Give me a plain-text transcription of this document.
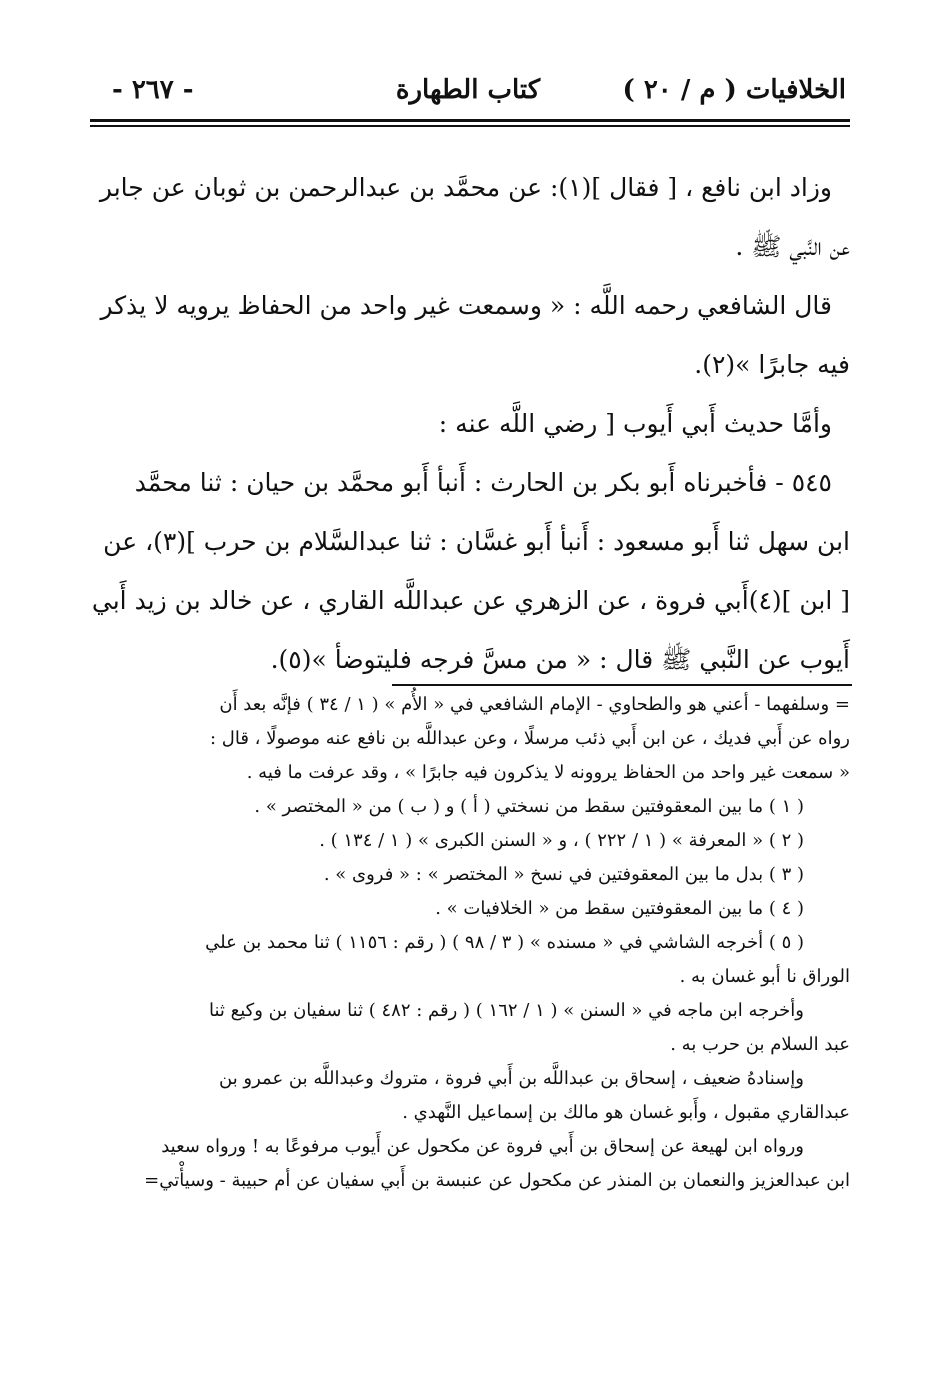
الخلافيات ( م / ٢٠ )
كتاب الطهارة
- ٢٦٧ -

وزاد ابن نافع ، [ فقال ](١): عن محمَّد بن عبدالرحمن بن ثوبان عن جابر

عن النَّبي ﷺ .

قال الشافعي رحمه اللَّه : « وسمعت غير واحد من الحفاظ يرويه لا يذكر

فيه جابرًا »(٢).

وأمَّا حديث أَبي أَيوب [ رضي اللَّه عنه :

٥٤٥ - فأخبرناه أَبو بكر بن الحارث : أَنبأ أَبو محمَّد بن حيان : ثنا محمَّد

ابن سهل ثنا أَبو مسعود : أَنبأ أَبو غسَّان : ثنا عبدالسَّلام بن حرب ](٣)، عن

[ ابن ](٤)أَبي فروة ، عن الزهري عن عبداللَّه القاري ، عن خالد بن زيد أَبي

أَيوب عن النَّبي ﷺ قال : « من مسَّ فرجه فليتوضأ »(٥).

= وسلفهما - أعني هو والطحاوي - الإمام الشافعي في « الأُم » ( ١ / ٣٤ ) فإنَّه بعد أَن

رواه عن أَبي فديك ، عن ابن أَبي ذئب مرسلًا ، وعن عبداللَّه بن نافع عنه موصولًا ، قال :

« سمعت غير واحد من الحفاظ يروونه لا يذكرون فيه جابرًا » ، وقد عرفت ما فيه .

( ١ ) ما بين المعقوفتين سقط من نسختي ( أ ) و ( ب ) من « المختصر » .

( ٢ ) « المعرفة » ( ١ / ٢٢٢ ) ، و « السنن الكبرى » ( ١ / ١٣٤ ) .

( ٣ ) بدل ما بين المعقوفتين في نسخ « المختصر » : « فروى » .

( ٤ ) ما بين المعقوفتين سقط من « الخلافيات » .

( ٥ ) أخرجه الشاشي في « مسنده » ( ٣ / ٩٨ ) ( رقم : ١١٥٦ ) ثنا محمد بن علي

الوراق نا أبو غسان به .

وأخرجه ابن ماجه في « السنن » ( ١ / ١٦٢ ) ( رقم : ٤٨٢ ) ثنا سفيان بن وكيع ثنا

عبد السلام بن حرب به .

وإسنادهُ ضعيف ، إسحاق بن عبداللَّه بن أَبي فروة ، متروك وعبداللَّه بن عمرو بن

عبدالقاري مقبول ، وأَبو غسان هو مالك بن إسماعيل النَّهدي .

ورواه ابن لهيعة عن إسحاق بن أَبي فروة عن مكحول عن أَيوب مرفوعًا به ! ورواه سعيد

ابن عبدالعزيز والنعمان بن المنذر عن مكحول عن عنبسة بن أَبي سفيان عن أم حبيبة - وسيأْتي=
